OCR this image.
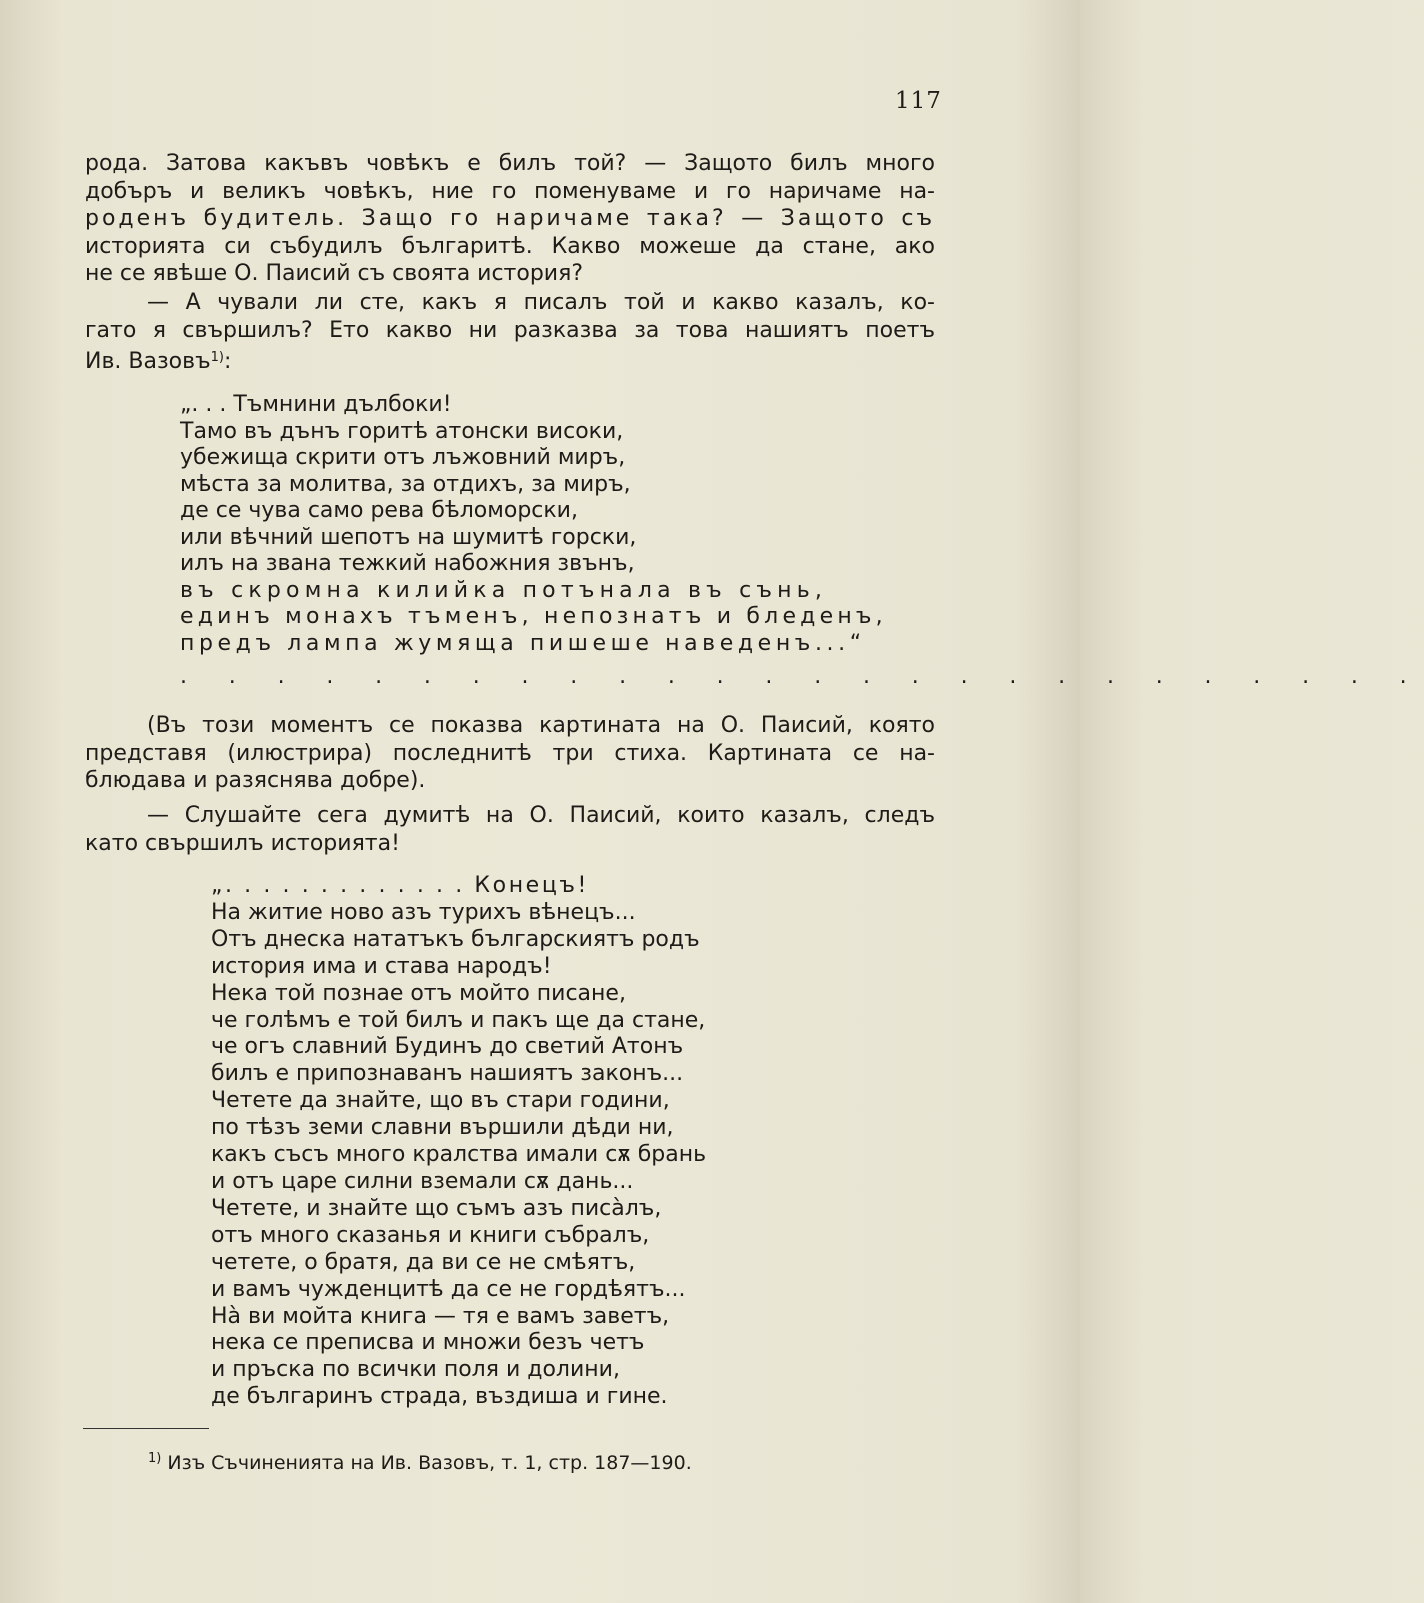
117
рода. Затова какъвъ човѣкъ е билъ той? — Защото билъ много
добъръ и великъ човѣкъ, ние го поменуваме и го наричаме на-
роденъ будитель. Защо го наричаме така? — Защото съ
историята си събудилъ българитѣ. Какво можеше да стане, ако
не се явѣше О. Паисий съ своята история?
— А чували ли сте, какъ я писалъ той и какво казалъ, ко-
гато я свършилъ? Ето какво ни разказва за това нашиятъ поетъ
Ив. Вазовъ$^{1)}$:
„. . . Тъмнини дълбоки!
Тамо въ дънъ горитѣ атонски високи,
убежища скрити отъ лъжовний миръ,
мѣста за молитва, за отдихъ, за миръ,
де се чува само рева бѣломорски,
или вѣчний шепотъ на шумитѣ горски,
илъ на звана тежкий набожния звънъ,
въ скромна килийка потънала въ сънь,
единъ монахъ тъменъ, непознатъ и бледенъ,
предъ лампа жумяща пишеше наведенъ...“
. . . . . . . . . . . . . . . . . . . . . . . . . .
(Въ този моментъ се показва картината на О. Паисий, която
представя (илюстрира) последнитѣ три стиха. Картината се на-
блюдава и разяснява добре).
— Слушайте сега думитѣ на О. Паисий, които казалъ, следъ
като свършилъ историята!
„. . . . . . . . . . . . . Конецъ!
На житие ново азъ турихъ вѣнецъ...
Отъ днеска нататъкъ българскиятъ родъ
история има и става народъ!
Нека той познае отъ мойто писане,
че голѣмъ е той билъ и пакъ ще да стане,
че огъ славний Будинъ до светий Атонъ
билъ е припознаванъ нашиятъ законъ...
Четете да знайте, що въ стари години,
по тѣзъ земи славни вършили дѣди ни,
какъ съсъ много кралства имали сѫ брань
и отъ царе силни вземали сѫ дань...
Четете, и знайте що съмъ азъ писàлъ,
отъ много сказанья и книги събралъ,
четете, о братя, да ви се не смѣятъ,
и вамъ чужденцитѣ да се не гордѣятъ...
Нà ви мойта книга — тя е вамъ заветъ,
нека се преписва и множи безъ четъ
и пръска по всички поля и долини,
де българинъ страда, въздиша и гине.
$^{1)}$ Изъ Съчиненията на Ив. Вазовъ, т. 1, стр. 187—190.
